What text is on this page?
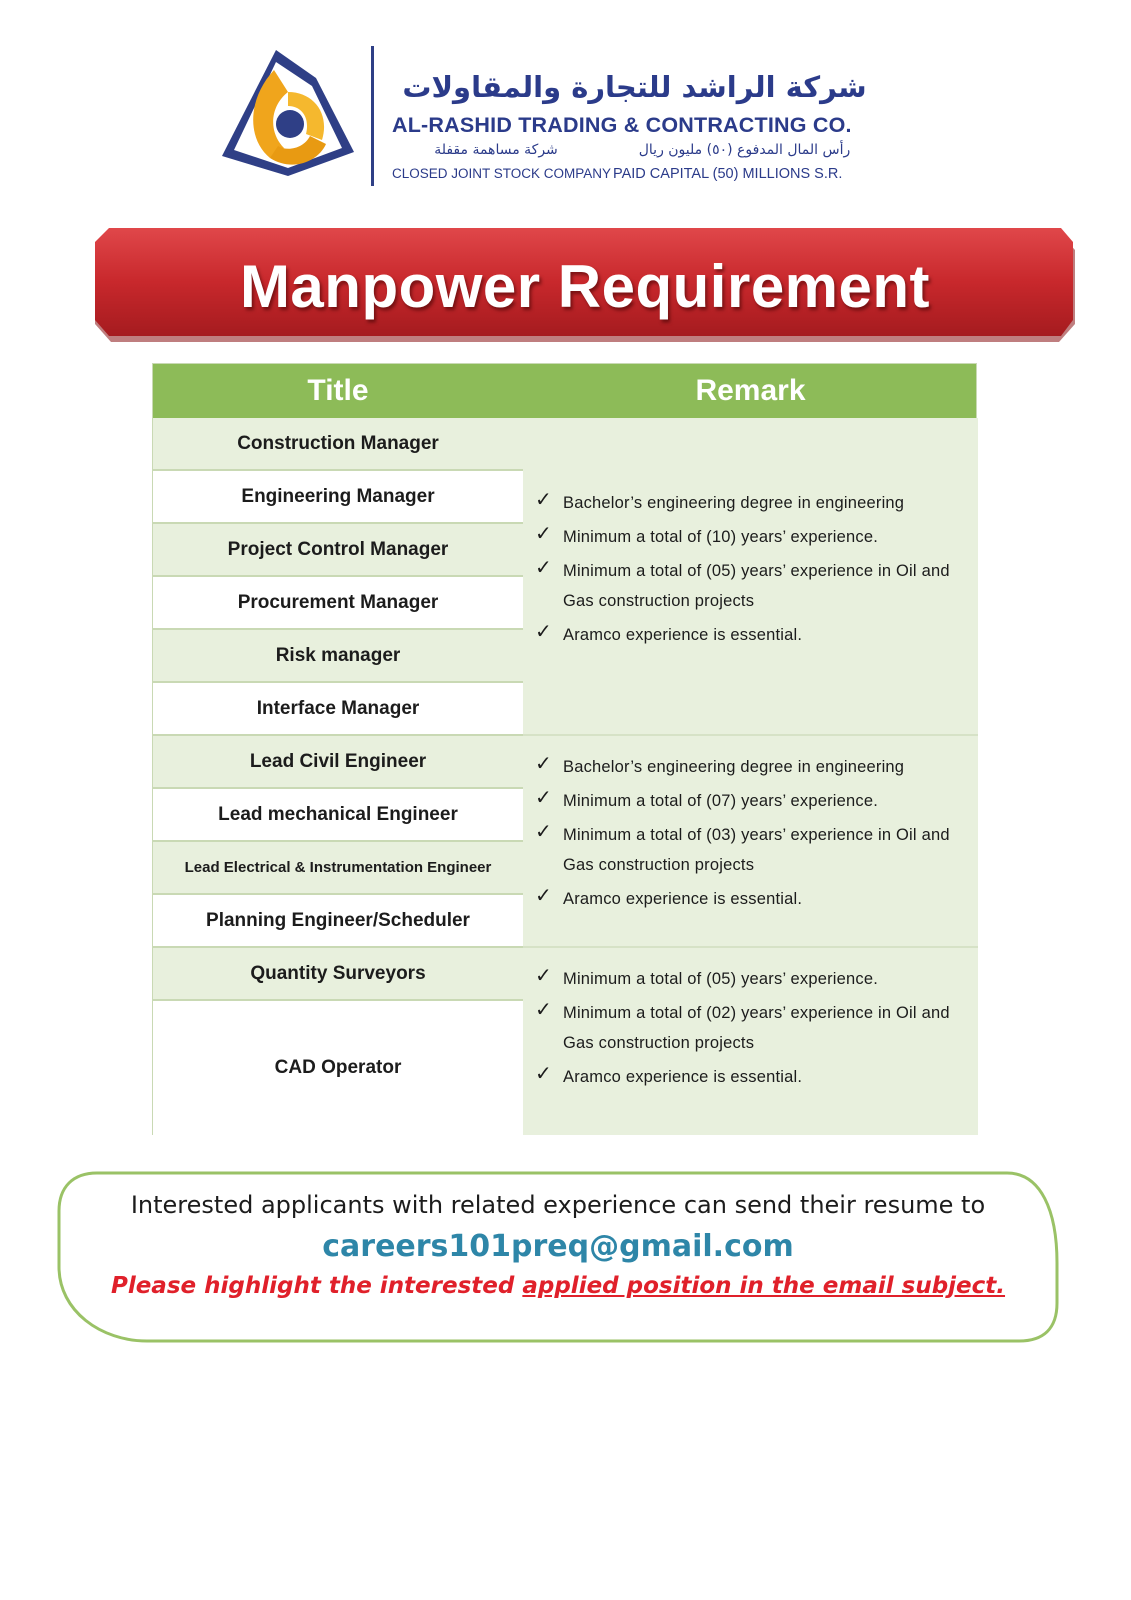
شركة الراشد للتجارة والمقاولات
AL-RASHID TRADING & CONTRACTING CO.
شركة مساهمة مقفلة	رأس المال المدفوع (٥٠) مليون ريال
CLOSED JOINT STOCK COMPANY PAID CAPITAL (50) MILLIONS S.R.
Manpower Requirement
Title	Remark
Construction Manager
Engineering Manager
Project Control Manager
Procurement Manager
Risk manager
Interface Manager
Lead Civil Engineer
Lead mechanical Engineer
Lead Electrical & Instrumentation Engineer
Planning Engineer/Scheduler
Quantity Surveyors
CAD Operator
✓ Bachelor’s engineering degree in engineering
✓ Minimum a total of (10) years’ experience.
✓ Minimum a total of (05) years’ experience in Oil and Gas construction projects
✓ Aramco experience is essential.
✓ Bachelor’s engineering degree in engineering
✓ Minimum a total of (07) years’ experience.
✓ Minimum a total of (03) years’ experience in Oil and Gas construction projects
✓ Aramco experience is essential.
✓ Minimum a total of (05) years’ experience.
✓ Minimum a total of (02) years’ experience in Oil and Gas construction projects
✓ Aramco experience is essential.
Interested applicants with related experience can send their resume to
careers101preq@gmail.com
Please highlight the interested applied position in the email subject.
